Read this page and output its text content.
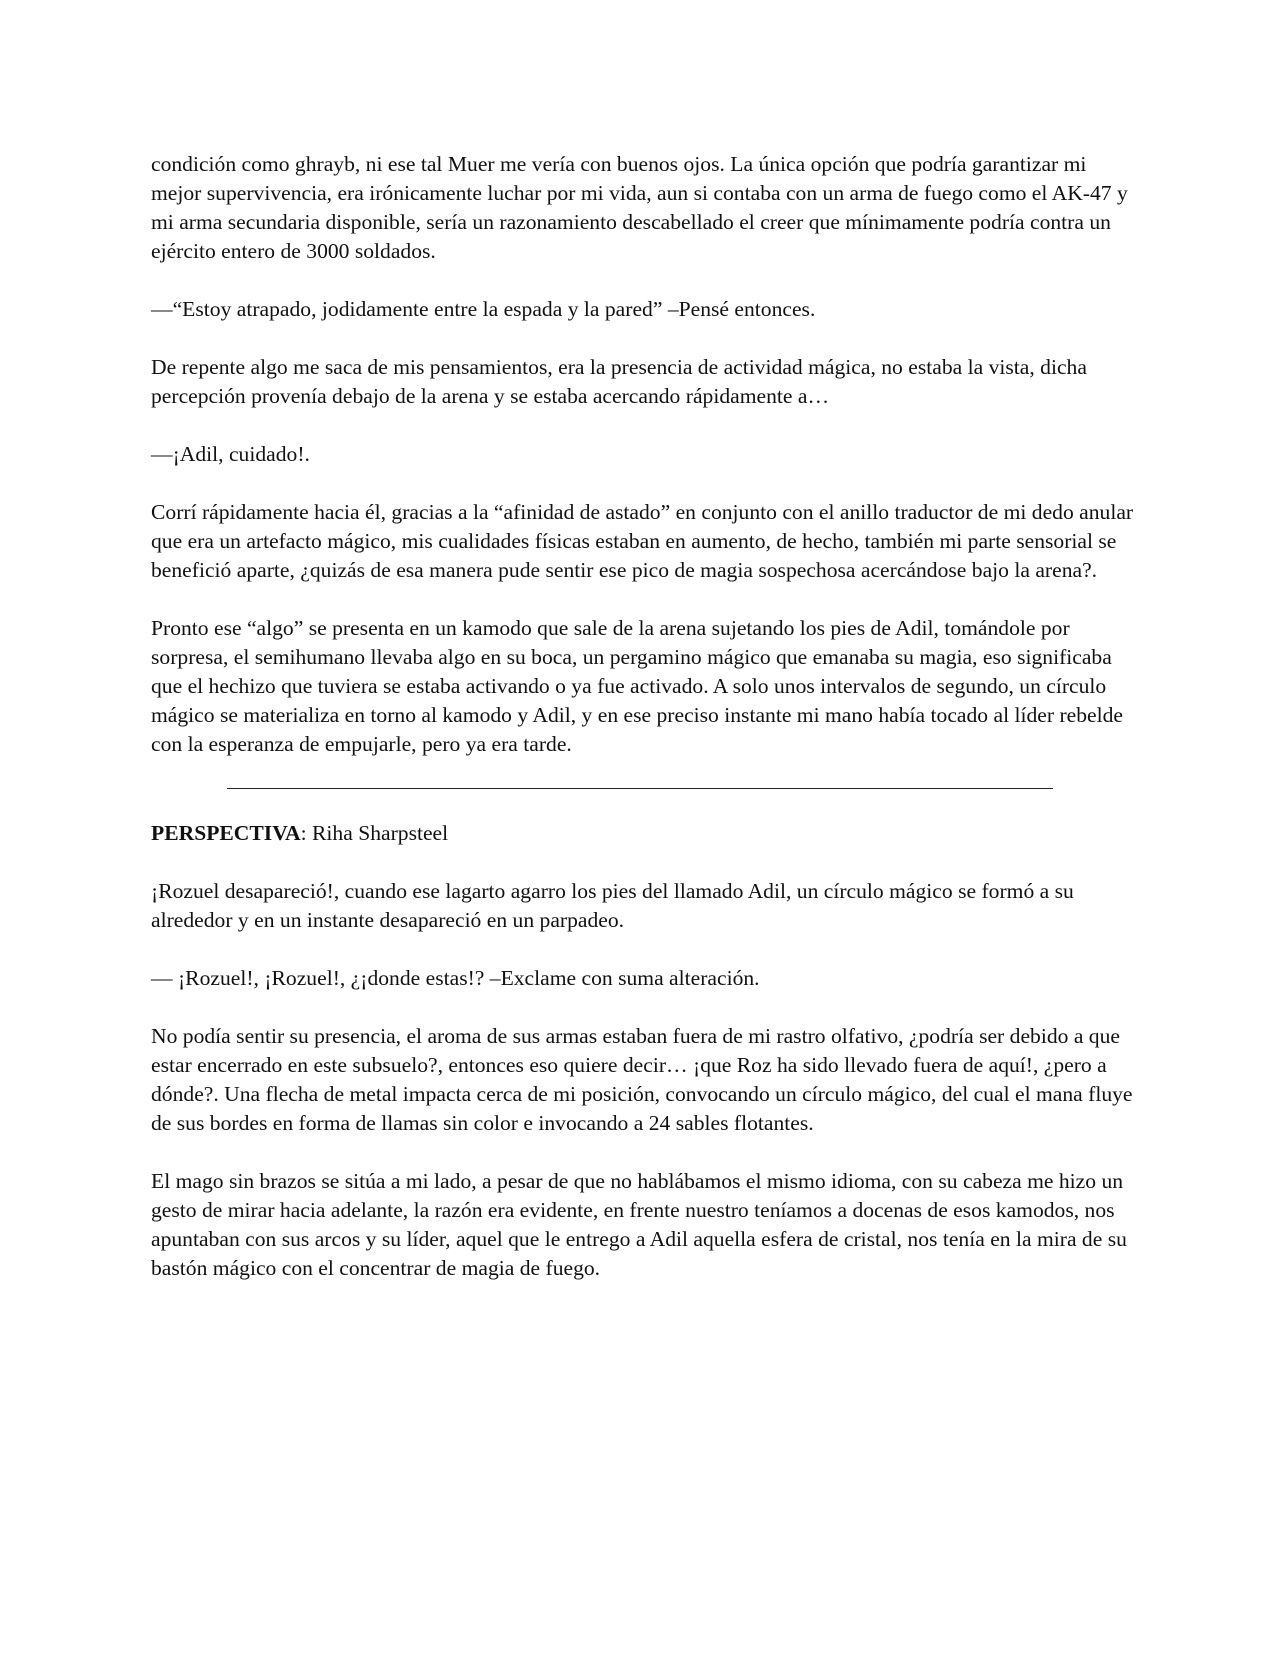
condición como ghrayb, ni ese tal Muer me vería con buenos ojos. La única opción que podría garantizar mi mejor supervivencia, era irónicamente luchar por mi vida, aun si contaba con un arma de fuego como el AK-47 y mi arma secundaria disponible, sería un razonamiento descabellado el creer que mínimamente podría contra un ejército entero de 3000 soldados.

—“Estoy atrapado, jodidamente entre la espada y la pared” –Pensé entonces.

De repente algo me saca de mis pensamientos, era la presencia de actividad mágica, no estaba la vista, dicha percepción provenía debajo de la arena y se estaba acercando rápidamente a…

—¡Adil, cuidado!.

Corrí rápidamente hacia él, gracias a la “afinidad de astado” en conjunto con el anillo traductor de mi dedo anular que era un artefacto mágico, mis cualidades físicas estaban en aumento, de hecho, también mi parte sensorial se benefició aparte, ¿quizás de esa manera pude sentir ese pico de magia sospechosa acercándose bajo la arena?.

Pronto ese “algo” se presenta en un kamodo que sale de la arena sujetando los pies de Adil, tomándole por sorpresa, el semihumano llevaba algo en su boca, un pergamino mágico que emanaba su magia, eso significaba que el hechizo que tuviera se estaba activando o ya fue activado. A solo unos intervalos de segundo, un círculo mágico se materializa en torno al kamodo y Adil, y en ese preciso instante mi mano había tocado al líder rebelde con la esperanza de empujarle, pero ya era tarde.

PERSPECTIVA: Riha Sharpsteel

¡Rozuel desapareció!, cuando ese lagarto agarro los pies del llamado Adil, un círculo mágico se formó a su alrededor y en un instante desapareció en un parpadeo.

— ¡Rozuel!, ¡Rozuel!, ¿¡donde estas!? –Exclame con suma alteración.

No podía sentir su presencia, el aroma de sus armas estaban fuera de mi rastro olfativo, ¿podría ser debido a que estar encerrado en este subsuelo?, entonces eso quiere decir… ¡que Roz ha sido llevado fuera de aquí!, ¿pero a dónde?. Una flecha de metal impacta cerca de mi posición, convocando un círculo mágico, del cual el mana fluye de sus bordes en forma de llamas sin color e invocando a 24 sables flotantes.

El mago sin brazos se sitúa a mi lado, a pesar de que no hablábamos el mismo idioma, con su cabeza me hizo un gesto de mirar hacia adelante, la razón era evidente, en frente nuestro teníamos a docenas de esos kamodos, nos apuntaban con sus arcos y su líder, aquel que le entrego a Adil aquella esfera de cristal, nos tenía en la mira de su bastón mágico con el concentrar de magia de fuego.
